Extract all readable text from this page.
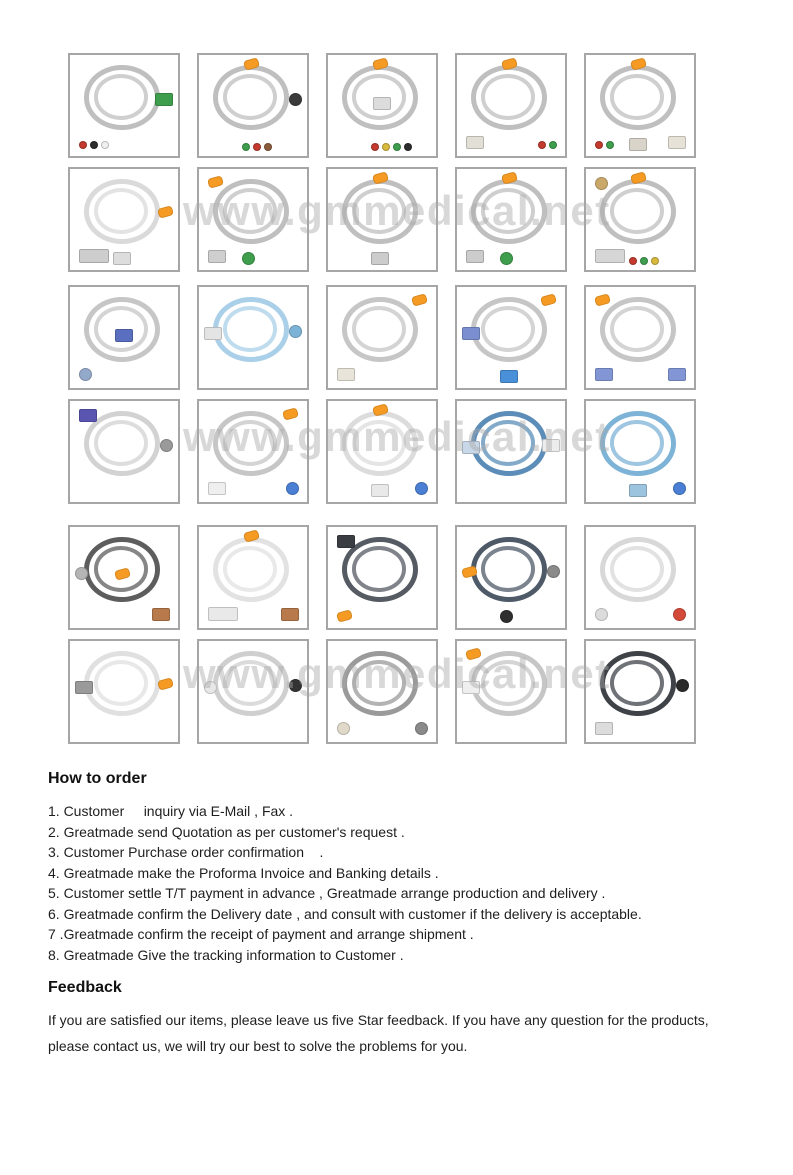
www.gmmedical.net
www.gmmedical.net
www.gmmedical.net
How to order
1. Customer     inquiry via E-Mail , Fax .
2. Greatmade send Quotation as per customer's request .
3. Customer Purchase order confirmation    .
4. Greatmade make the Proforma Invoice and Banking details .
5. Customer settle T/T payment in advance , Greatmade arrange production and delivery .
6. Greatmade confirm the Delivery date , and consult with customer if the delivery is acceptable.
7 .Greatmade confirm the receipt of payment and arrange shipment .
8. Greatmade Give the tracking information to Customer .
Feedback

If you are satisfied our items, please leave us five Star feedback. If you have any question for the products, please contact us, we will try our best to solve the problems for you.
